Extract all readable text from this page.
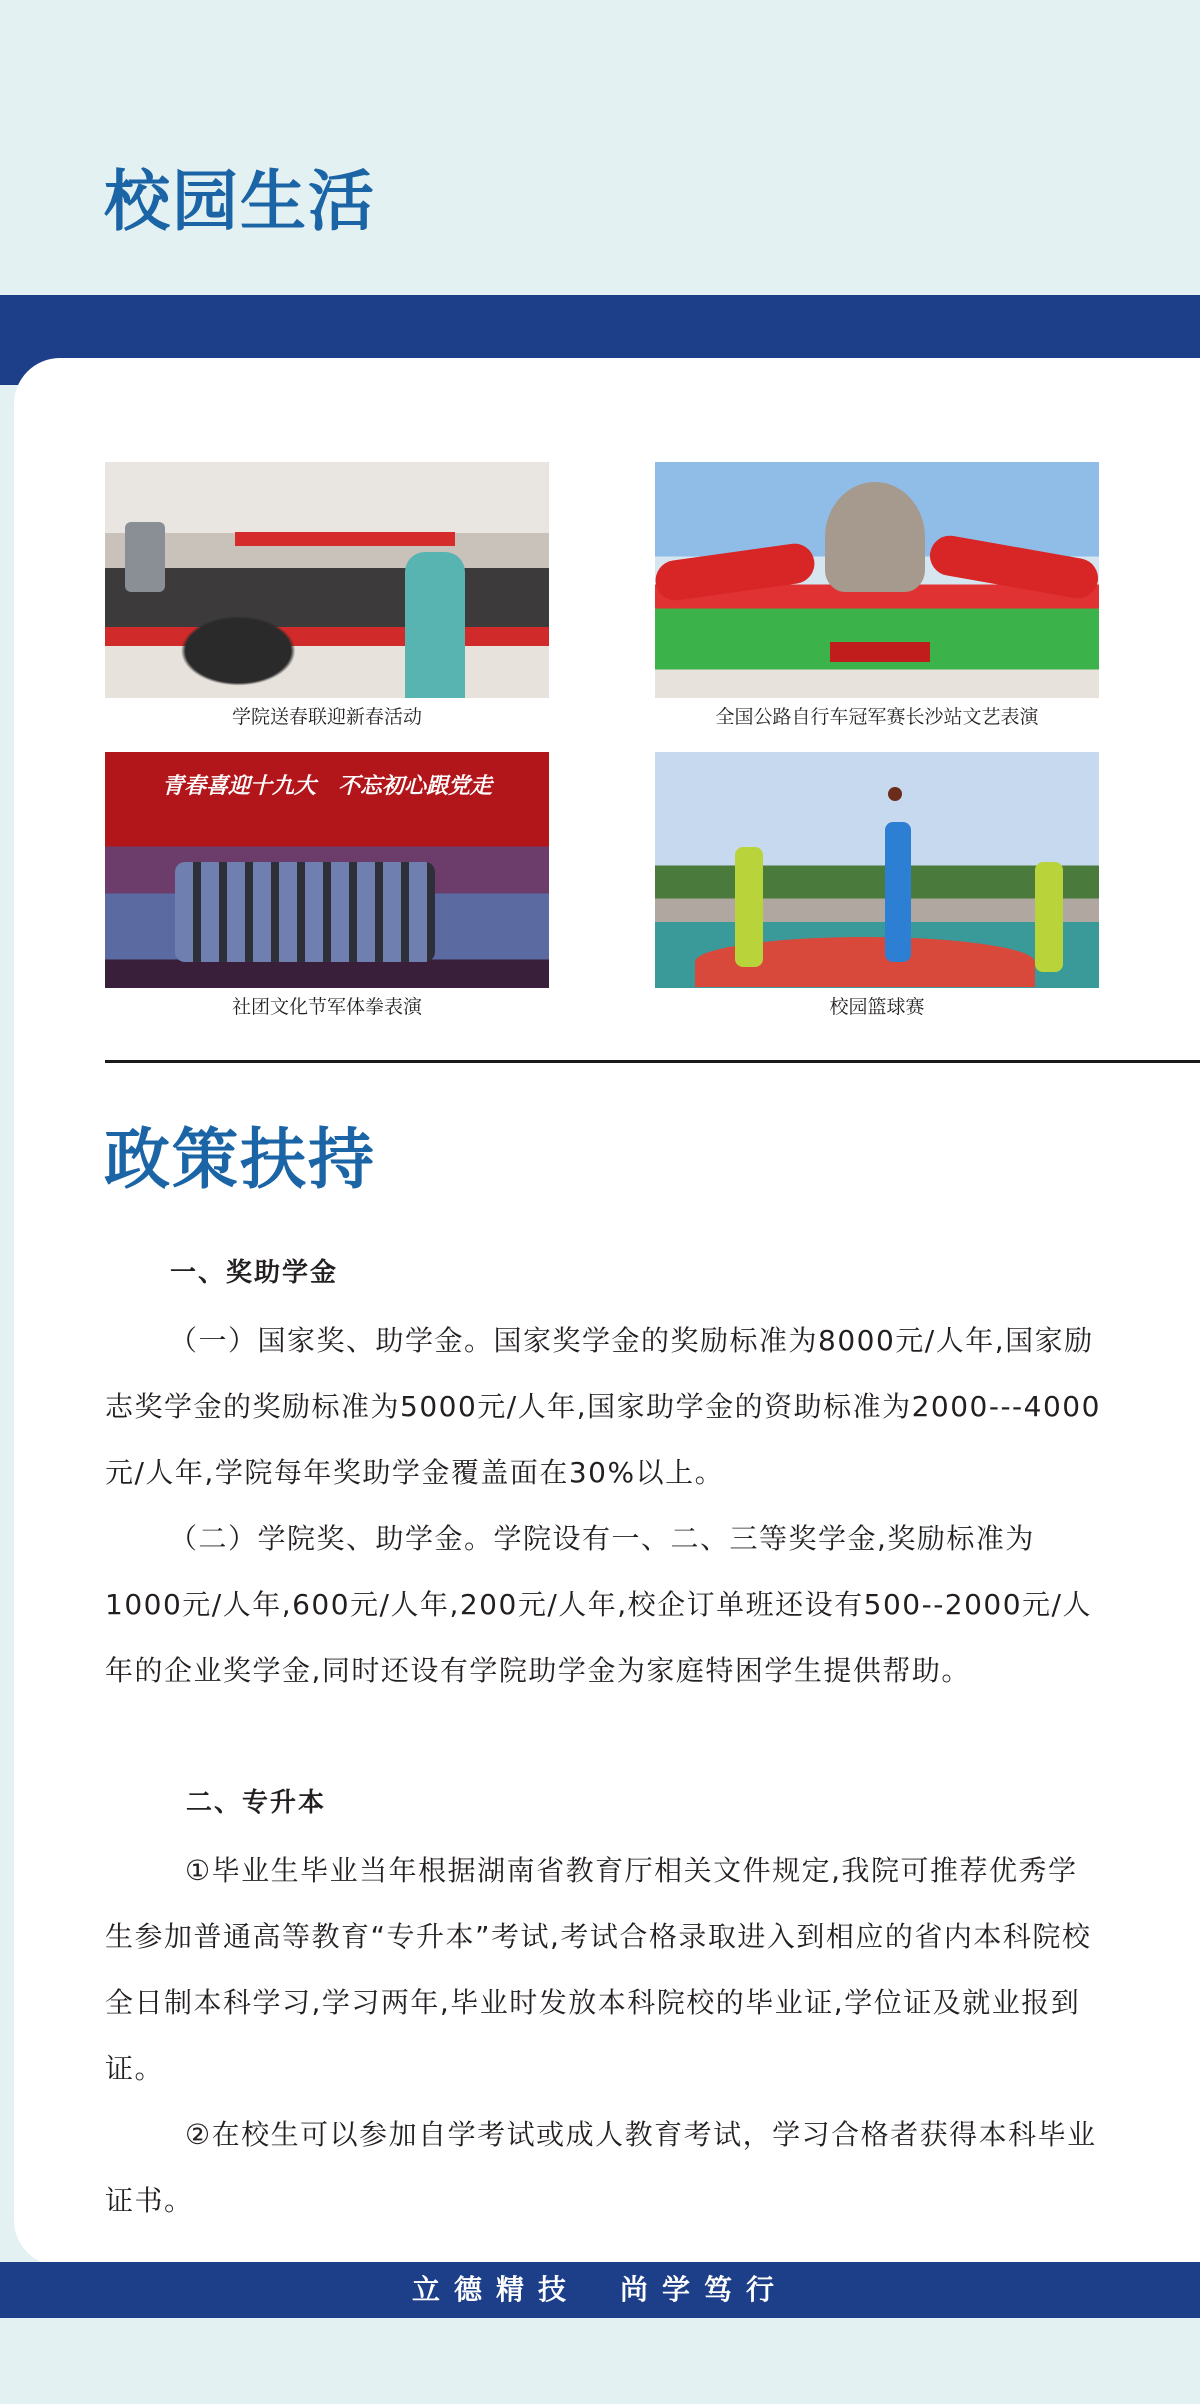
校园生活
学院送春联迎新春活动	全国公路自行车冠军赛长沙站文艺表演
青春喜迎十九大　不忘初心跟党走
社团文化节军体拳表演	校园篮球赛
政策扶持
一、奖助学金

（一）国家奖、助学金。国家奖学金的奖励标准为8000元/人年,国家励志奖学金的奖励标准为5000元/人年,国家助学金的资助标准为2000---4000元/人年,学院每年奖助学金覆盖面在30%以上。

（二）学院奖、助学金。学院设有一、二、三等奖学金,奖励标准为1000元/人年,600元/人年,200元/人年,校企订单班还设有500--2000元/人年的企业奖学金,同时还设有学院助学金为家庭特困学生提供帮助。

二、专升本

①毕业生毕业当年根据湖南省教育厅相关文件规定,我院可推荐优秀学生参加普通高等教育“专升本”考试,考试合格录取进入到相应的省内本科院校全日制本科学习,学习两年,毕业时发放本科院校的毕业证,学位证及就业报到证。

②在校生可以参加自学考试或成人教育考试，学习合格者获得本科毕业证书。

立德精技 尚学笃行
